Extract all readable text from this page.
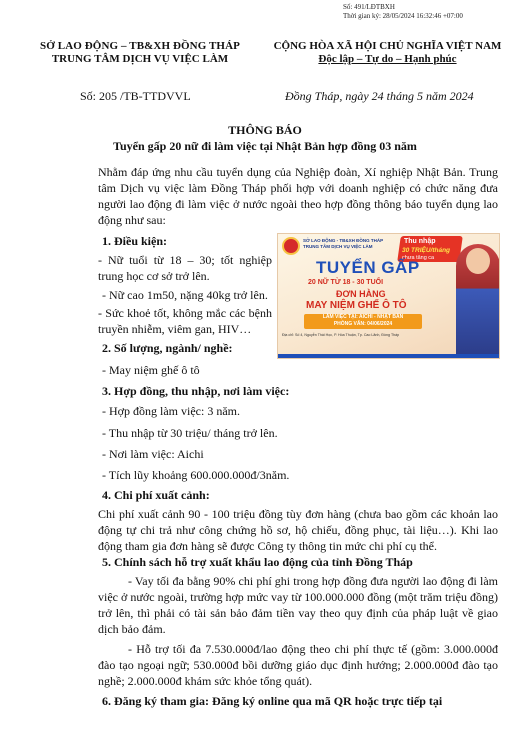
Số: 491/LĐTBXH
Thời gian ký: 28/05/2024 16:32:46 +07:00
SỞ LAO ĐỘNG – TB&XH ĐỒNG THÁP
TRUNG TÂM DỊCH VỤ VIỆC LÀM
CỘNG HÒA XÃ HỘI CHỦ NGHĨA VIỆT NAM
Độc lập – Tự do – Hạnh phúc
Số: 205 /TB-TTDVVL	Đồng Tháp, ngày 24 tháng 5 năm 2024
THÔNG BÁO
Tuyển gấp 20 nữ đi làm việc tại Nhật Bản hợp đồng 03 năm
Nhằm đáp ứng nhu cầu tuyển dụng của Nghiệp đoàn, Xí nghiệp Nhật Bản. Trung tâm Dịch vụ việc làm Đồng Tháp phối hợp với doanh nghiệp có chức năng đưa người lao động đi làm việc ở nước ngoài theo hợp đồng thông báo tuyển dụng lao động như sau:
1. Điều kiện:
- Nữ tuổi từ 18 – 30; tốt nghiệp trung học cơ sở trở lên.
- Nữ cao 1m50, nặng 40kg trở lên.
- Sức khoẻ tốt, không mắc các bệnh truyền nhiễm, viêm gan, HIV…
SỞ LAO ĐỘNG - TB&XH ĐỒNG THÁP
TRUNG TÂM DỊCH VỤ VIỆC LÀM
Thu nhập
30 TRIỆU/tháng
chưa tăng ca
TUYỂN GẤP
20 NỮ TỪ 18 - 30 TUỔI
ĐƠN HÀNG
MAY NIỆM GHẾ Ô TÔ
LÀM VIỆC TẠI: AICHI - NHẬT BẢN
PHỎNG VẤN: 04/06/2024
Địa chỉ: Số 4, Nguyễn Thái Học, P. Hòa Thuận, Tp. Cao Lãnh, Đồng Tháp
2. Số lượng, ngành/ nghề:
- May niệm ghế ô tô
3. Hợp đồng, thu nhập, nơi làm việc:
- Hợp đồng làm việc: 3 năm.
- Thu nhập từ 30 triệu/ tháng trở lên.
- Nơi làm việc: Aichi
- Tích lũy khoảng 600.000.000đ/3năm.
4. Chi phí xuất cảnh:
Chi phí xuất cảnh 90 - 100 triệu đồng tùy đơn hàng (chưa bao gồm các khoản lao động tự chi trả như công chứng hồ sơ, hộ chiếu, đồng phục, tài liệu…). Khi lao động tham gia đơn hàng sẽ được Công ty thông tin mức chi phí cụ thể.
5. Chính sách hỗ trợ xuất khẩu lao động của tỉnh Đồng Tháp
- Vay tối đa bằng 90% chi phí ghi trong hợp đồng đưa người lao động đi làm việc ở nước ngoài, trường hợp mức vay từ 100.000.000 đồng (một trăm triệu đồng) trở lên, thì phải có tài sản bảo đảm tiền vay theo quy định của pháp luật về giao dịch bảo đảm.
- Hỗ trợ tối đa 7.530.000đ/lao động theo chi phí thực tế (gồm: 3.000.000đ đào tạo ngoại ngữ; 530.000đ bồi dưỡng giáo dục định hướng; 2.000.000đ đào tạo nghề; 2.000.000đ khám sức khỏe tổng quát).
6. Đăng ký tham gia: Đăng ký online qua mã QR hoặc trực tiếp tại
